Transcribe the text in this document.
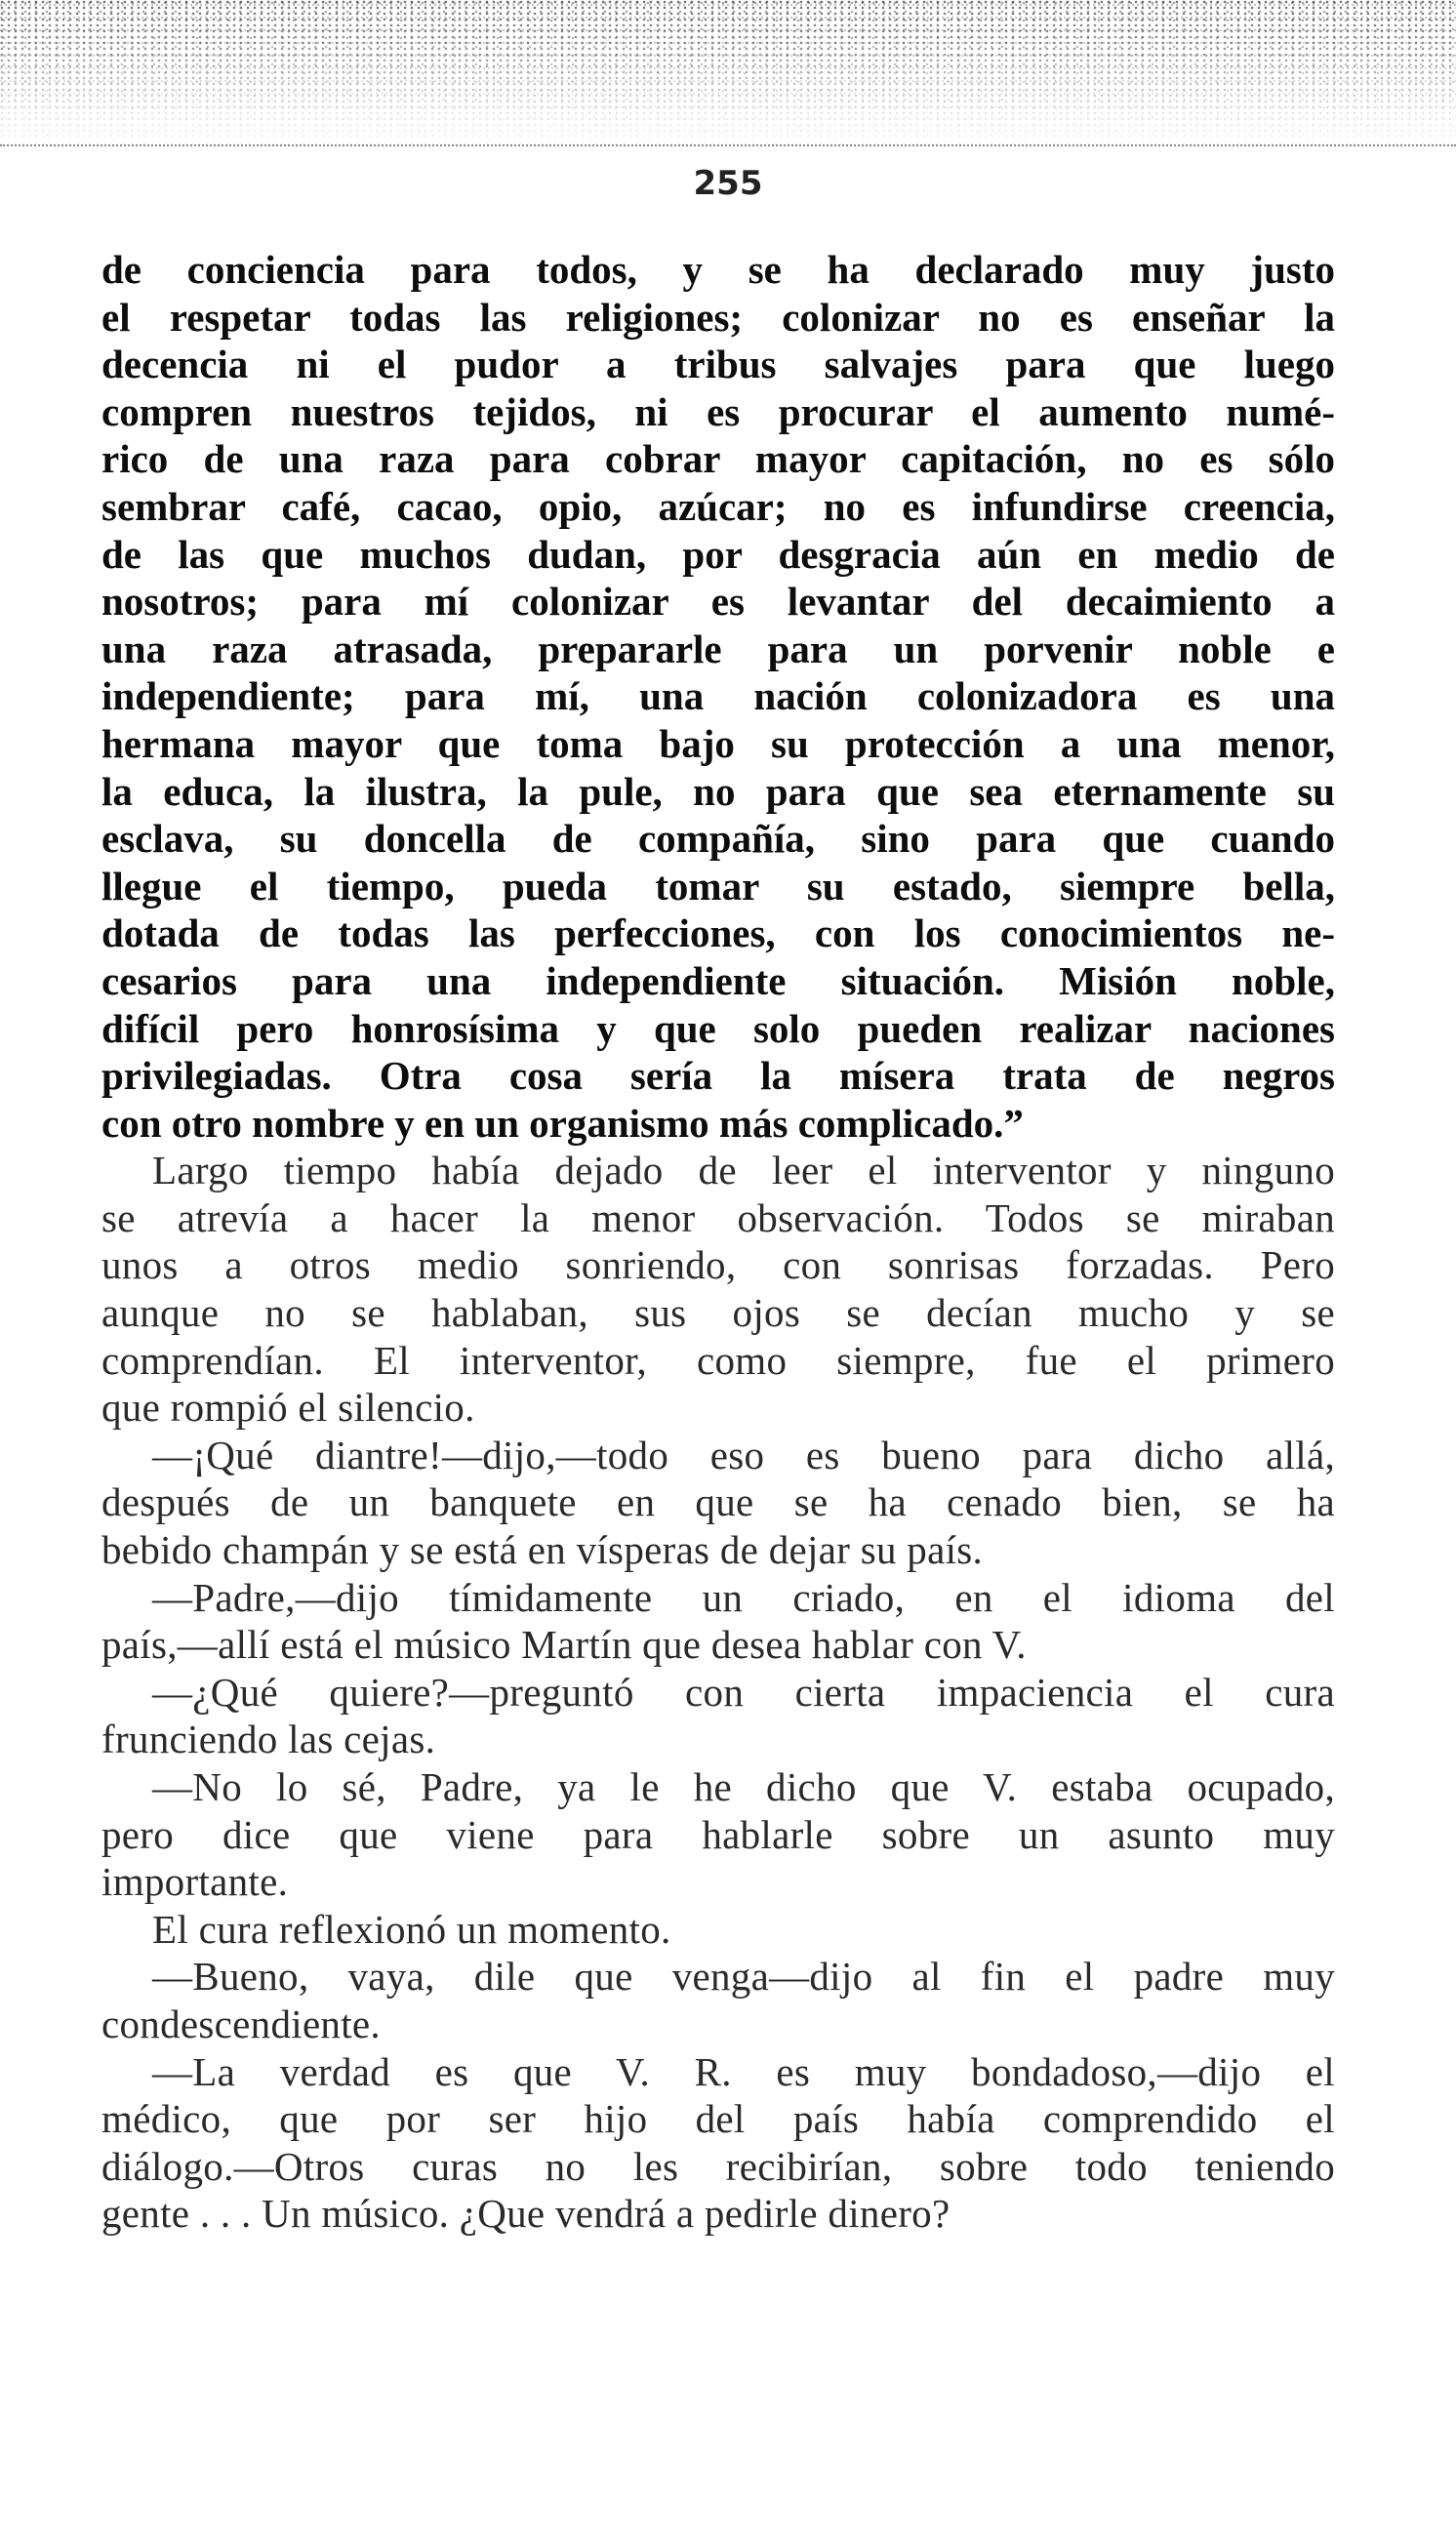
255
de conciencia para todos, y se ha declarado muy justo
el respetar todas las religiones; colonizar no es enseñar la
decencia ni el pudor a tribus salvajes para que luego
compren nuestros tejidos, ni es procurar el aumento numé-
rico de una raza para cobrar mayor capitación, no es sólo
sembrar café, cacao, opio, azúcar; no es infundirse creencia,
de las que muchos dudan, por desgracia aún en medio de
nosotros; para mí colonizar es levantar del decaimiento a
una raza atrasada, prepararle para un porvenir noble e
independiente; para mí, una nación colonizadora es una
hermana mayor que toma bajo su protección a una menor,
la educa, la ilustra, la pule, no para que sea eternamente su
esclava, su doncella de compañía, sino para que cuando
llegue el tiempo, pueda tomar su estado, siempre bella,
dotada de todas las perfecciones, con los conocimientos ne-
cesarios para una independiente situación. Misión noble,
difícil pero honrosísima y que solo pueden realizar naciones
privilegiadas. Otra cosa sería la mísera trata de negros
con otro nombre y en un organismo más complicado.”
Largo tiempo había dejado de leer el interventor y ninguno
se atrevía a hacer la menor observación. Todos se miraban
unos a otros medio sonriendo, con sonrisas forzadas. Pero
aunque no se hablaban, sus ojos se decían mucho y se
comprendían. El interventor, como siempre, fue el primero
que rompió el silencio.
—¡Qué diantre!—dijo,—todo eso es bueno para dicho allá,
después de un banquete en que se ha cenado bien, se ha
bebido champán y se está en vísperas de dejar su país.
—Padre,—dijo tímidamente un criado, en el idioma del
país,—allí está el músico Martín que desea hablar con V.
—¿Qué quiere?—preguntó con cierta impaciencia el cura
frunciendo las cejas.
—No lo sé, Padre, ya le he dicho que V. estaba ocupado,
pero dice que viene para hablarle sobre un asunto muy
importante.
El cura reflexionó un momento.
—Bueno, vaya, dile que venga—dijo al fin el padre muy
condescendiente.
—La verdad es que V. R. es muy bondadoso,—dijo el
médico, que por ser hijo del país había comprendido el
diálogo.—Otros curas no les recibirían, sobre todo teniendo
gente . . . Un músico. ¿Que vendrá a pedirle dinero?
